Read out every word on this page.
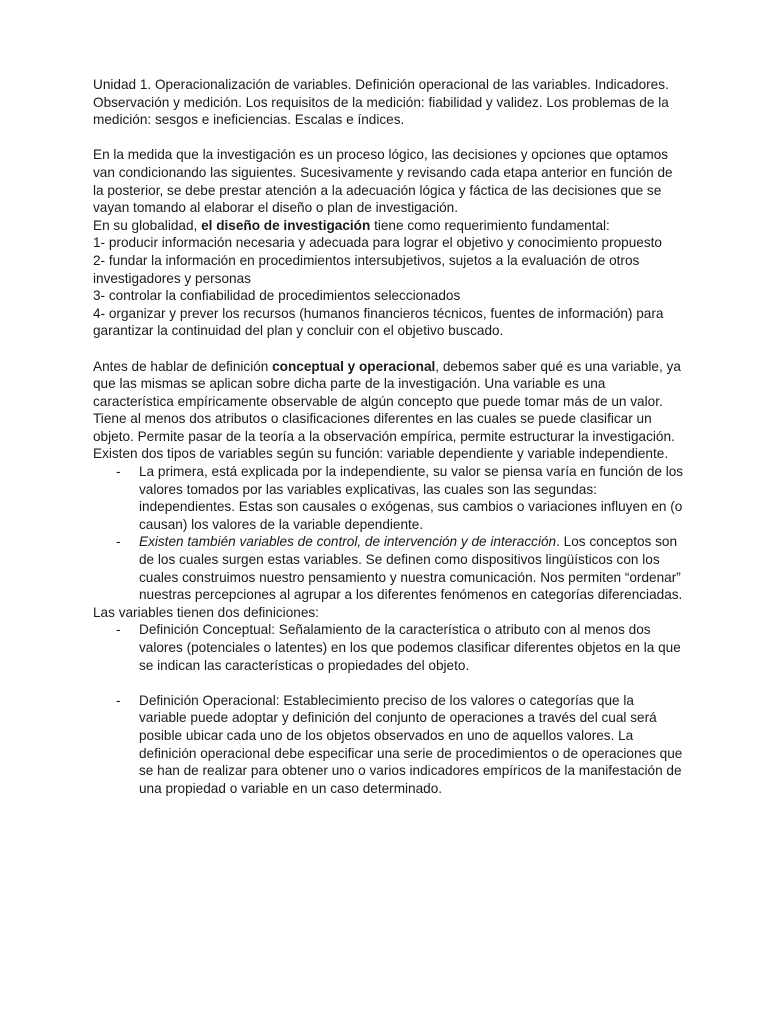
Unidad 1. Operacionalización de variables. Definición operacional de las variables. Indicadores. Observación y medición. Los requisitos de la medición: fiabilidad y validez. Los problemas de la medición: sesgos e ineficiencias. Escalas e índices.

En la medida que la investigación es un proceso lógico, las decisiones y opciones que optamos van condicionando las siguientes. Sucesivamente y revisando cada etapa anterior en función de la posterior, se debe prestar atención a la adecuación lógica y fáctica de las decisiones que se vayan tomando al elaborar el diseño o plan de investigación.

En su globalidad, el diseño de investigación tiene como requerimiento fundamental:

1- producir información necesaria y adecuada para lograr el objetivo y conocimiento propuesto

2- fundar la información en procedimientos intersubjetivos, sujetos a la evaluación de otros investigadores y personas

3- controlar la confiabilidad de procedimientos seleccionados

4- organizar y prever los recursos (humanos financieros técnicos, fuentes de información) para garantizar la continuidad del plan y concluir con el objetivo buscado.

Antes de hablar de definición conceptual y operacional, debemos saber qué es una variable, ya que las mismas se aplican sobre dicha parte de la investigación. Una variable es una característica empíricamente observable de algún concepto que puede tomar más de un valor. Tiene al menos dos atributos o clasificaciones diferentes en las cuales se puede clasificar un objeto. Permite pasar de la teoría a la observación empírica, permite estructurar la investigación.

Existen dos tipos de variables según su función: variable dependiente y variable independiente.

- La primera, está explicada por la independiente, su valor se piensa varía en función de los valores tomados por las variables explicativas, las cuales son las segundas: independientes. Estas son causales o exógenas, sus cambios o variaciones influyen en (o causan) los valores de la variable dependiente.
- Existen también variables de control, de intervención y de interacción. Los conceptos son de los cuales surgen estas variables. Se definen como dispositivos lingüísticos con los cuales construimos nuestro pensamiento y nuestra comunicación. Nos permiten “ordenar” nuestras percepciones al agrupar a los diferentes fenómenos en categorías diferenciadas.

Las variables tienen dos definiciones:

- Definición Conceptual: Señalamiento de la característica o atributo con al menos dos valores (potenciales o latentes) en los que podemos clasificar diferentes objetos en la que se indican las características o propiedades del objeto.
- Definición Operacional: Establecimiento preciso de los valores o categorías que la variable puede adoptar y definición del conjunto de operaciones a través del cual será posible ubicar cada uno de los objetos observados en uno de aquellos valores. La definición operacional debe especificar una serie de procedimientos o de operaciones que se han de realizar para obtener uno o varios indicadores empíricos de la manifestación de una propiedad o variable en un caso determinado.
